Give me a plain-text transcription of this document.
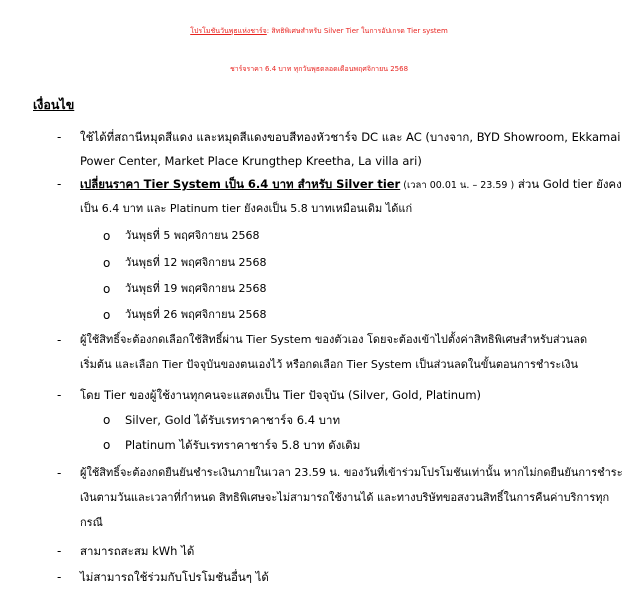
โปรโมชันวันพุธแห่งชาร์จ: สิทธิพิเศษสำหรับ Silver Tier ในการอัปเกรด Tier system
ชาร์จราคา 6.4 บาท ทุกวันพุธตลอดเดือนพฤศจิกายน 2568
เงื่อนไข
- ใช้ได้ที่สถานีหมุดสีแดง และหมุดสีแดงขอบสีทองหัวชาร์จ DC และ AC (บางจาก, BYD Showroom, Ekkamai
Power Center, Market Place Krungthep Kreetha, La villa ari)
- เปลี่ยนราคา Tier System เป็น 6.4 บาท สำหรับ Silver tier (เวลา 00.01 น. – 23.59 ) ส่วน Gold tier ยังคง
เป็น 6.4 บาท และ Platinum tier ยังคงเป็น 5.8 บาทเหมือนเดิม ได้แก่
o วันพุธที่ 5 พฤศจิกายน 2568
o วันพุธที่ 12 พฤศจิกายน 2568
o วันพุธที่ 19 พฤศจิกายน 2568
o วันพุธที่ 26 พฤศจิกายน 2568
- ผู้ใช้สิทธิ์จะต้องกดเลือกใช้สิทธิ์ผ่าน Tier System ของตัวเอง โดยจะต้องเข้าไปตั้งค่าสิทธิพิเศษสำหรับส่วนลด
เริ่มต้น และเลือก Tier ปัจจุบันของตนเองไว้ หรือกดเลือก Tier System เป็นส่วนลดในขั้นตอนการชำระเงิน
- โดย Tier ของผู้ใช้งานทุกคนจะแสดงเป็น Tier ปัจจุบัน (Silver, Gold, Platinum)
o Silver, Gold ได้รับเรทราคาชาร์จ 6.4 บาท
o Platinum ได้รับเรทราคาชาร์จ 5.8 บาท ดังเดิม
- ผู้ใช้สิทธิ์จะต้องกดยืนยันชำระเงินภายในเวลา 23.59 น. ของวันที่เข้าร่วมโปรโมชันเท่านั้น หากไม่กดยืนยันการชำระ
เงินตามวันและเวลาที่กำหนด สิทธิพิเศษจะไม่สามารถใช้งานได้ และทางบริษัทขอสงวนสิทธิ์ในการคืนค่าบริการทุก
กรณี
- สามารถสะสม kWh ได้
- ไม่สามารถใช้ร่วมกับโปรโมชันอื่นๆ ได้
